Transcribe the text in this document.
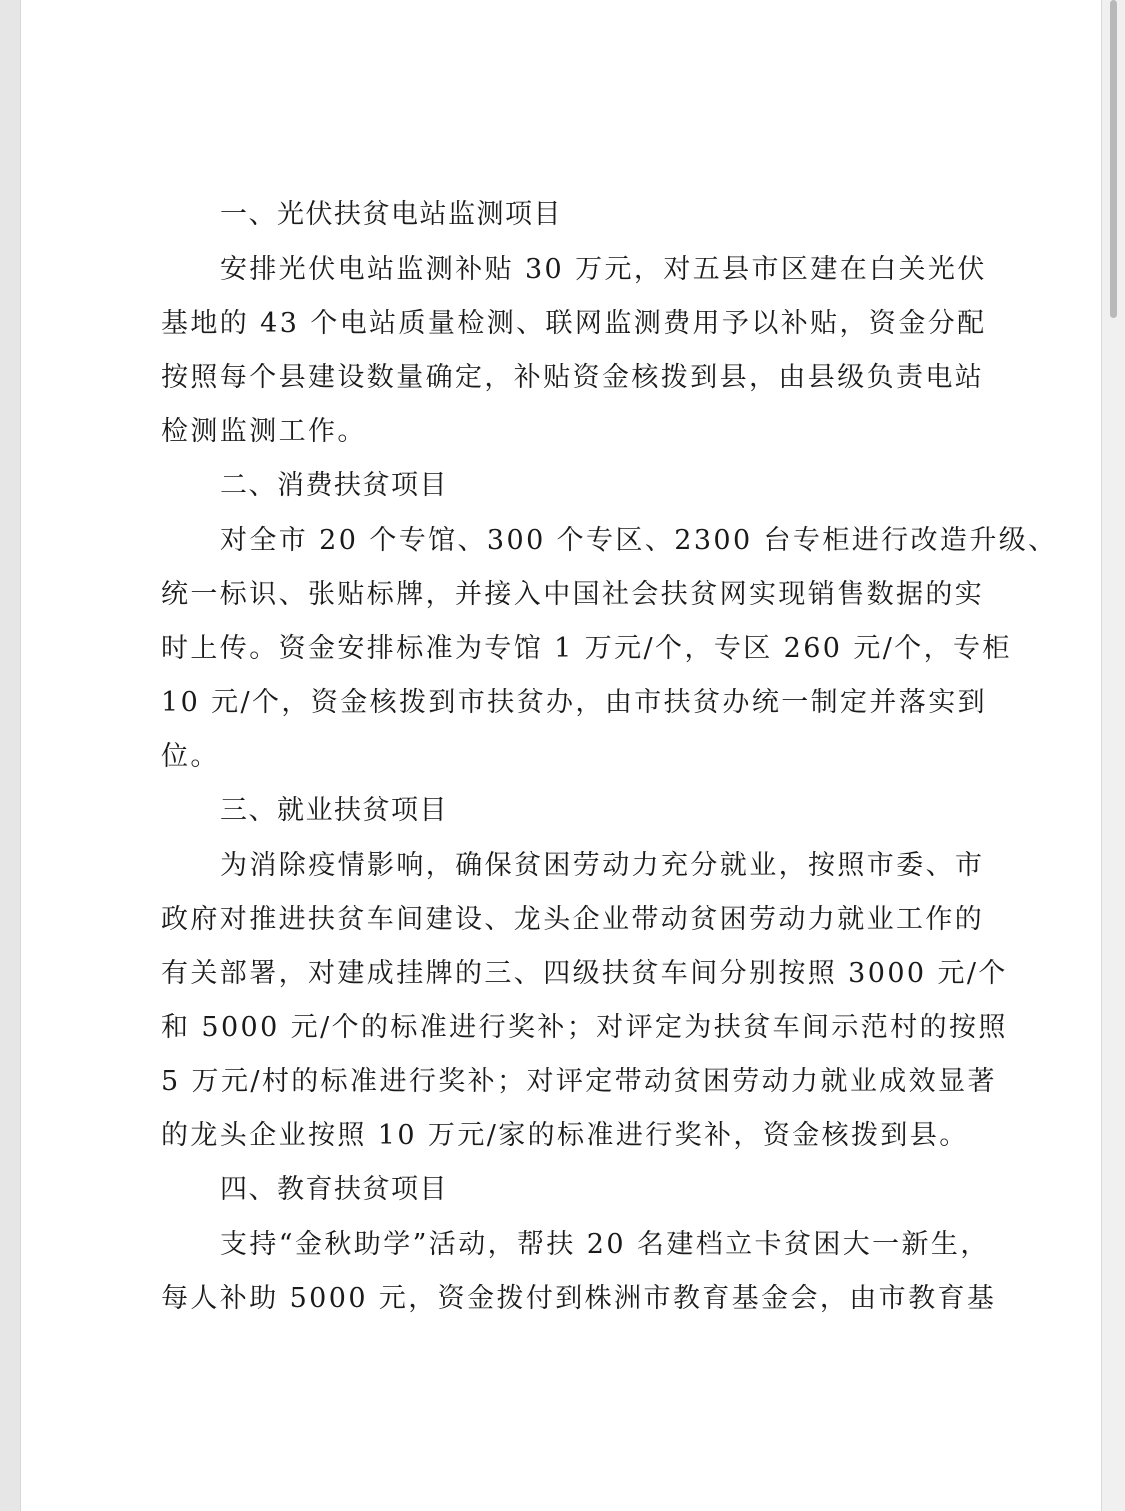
一、光伏扶贫电站监测项目

安排光伏电站监测补贴 30 万元，对五县市区建在白关光伏

基地的 43 个电站质量检测、联网监测费用予以补贴，资金分配

按照每个县建设数量确定，补贴资金核拨到县，由县级负责电站

检测监测工作。

二、消费扶贫项目

对全市 20 个专馆、300 个专区、2300 台专柜进行改造升级、

统一标识、张贴标牌，并接入中国社会扶贫网实现销售数据的实

时上传。资金安排标准为专馆 1 万元/个，专区 260 元/个，专柜

10 元/个，资金核拨到市扶贫办，由市扶贫办统一制定并落实到

位。

三、就业扶贫项目

为消除疫情影响，确保贫困劳动力充分就业，按照市委、市

政府对推进扶贫车间建设、龙头企业带动贫困劳动力就业工作的

有关部署，对建成挂牌的三、四级扶贫车间分别按照 3000 元/个

和 5000 元/个的标准进行奖补；对评定为扶贫车间示范村的按照

5 万元/村的标准进行奖补；对评定带动贫困劳动力就业成效显著

的龙头企业按照 10 万元/家的标准进行奖补，资金核拨到县。

四、教育扶贫项目

支持“金秋助学”活动，帮扶 20 名建档立卡贫困大一新生，

每人补助 5000 元，资金拨付到株洲市教育基金会，由市教育基
